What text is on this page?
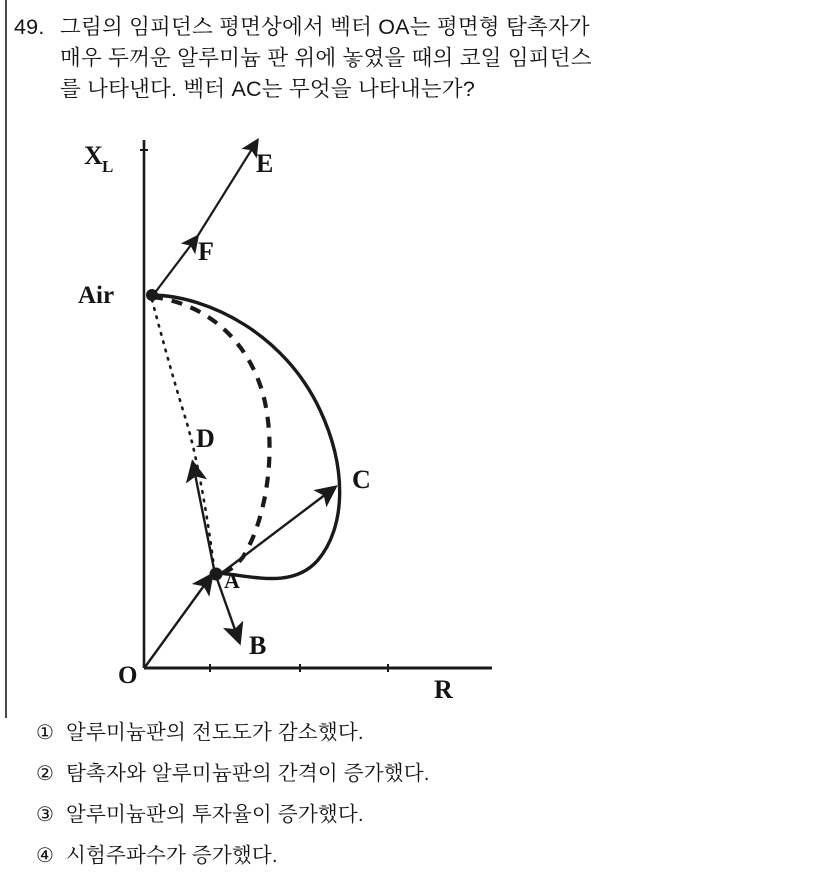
49. 그림의 임피던스 평면상에서 벡터 OA는 평면형 탐촉자가
매우 두꺼운 알루미늄 판 위에 놓였을 때의 코일 임피던스
를 나타낸다. 벡터 AC는 무엇을 나타내는가?
X L
Air
O	R
E
F
D
C
A
B
① 알루미늄판의 전도도가 감소했다.
② 탐촉자와 알루미늄판의 간격이 증가했다.
③ 알루미늄판의 투자율이 증가했다.
④ 시험주파수가 증가했다.
